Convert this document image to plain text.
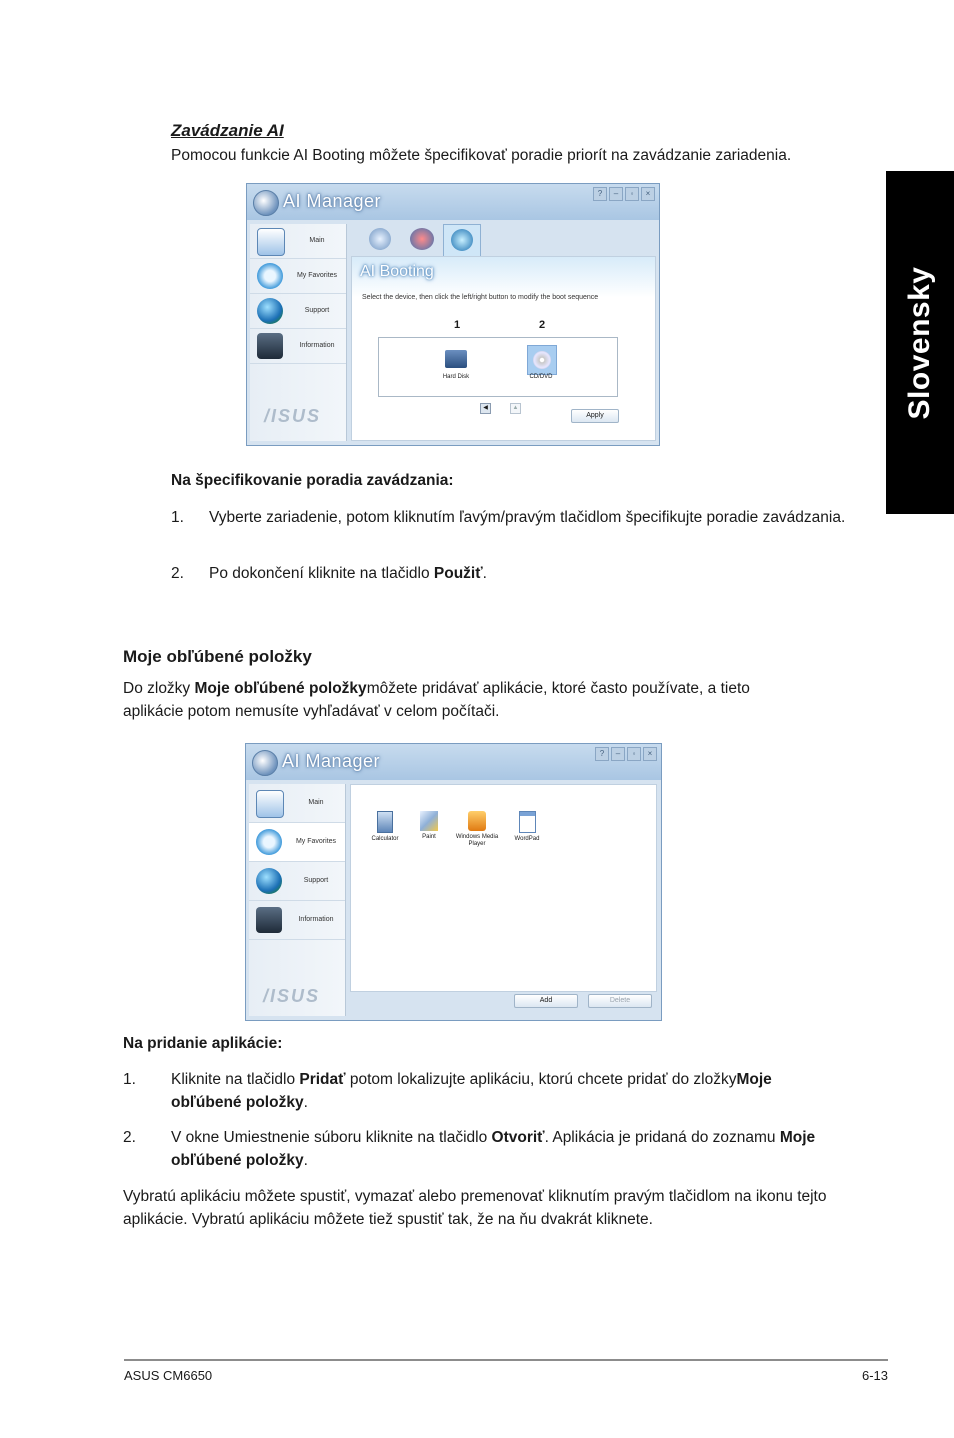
Slovensky
Zavádzanie AI
Pomocou funkcie AI Booting môžete špecifikovať poradie priorít na zavádzanie zariadenia.
AI Manager	?	–	◦	×
Main
My Favorites
Support
Information
/ISUS
AI Booting
Select the device, then click the left/right button to modify the boot sequence
1	2
Hard Disk	CD/DVD
◀	▲
Apply
Na špecifikovanie poradia zavádzania:
1. Vyberte zariadenie, potom kliknutím ľavým/pravým tlačidlom špecifikujte poradie zavádzania.
2. Po dokončení kliknite na tlačidlo Použiť.
Moje obľúbené položky
Do zložky Moje obľúbené položkymôžete pridávať aplikácie, ktoré často používate, a tieto aplikácie potom nemusíte vyhľadávať v celom počítači.
AI Manager	?	–	◦	×
Main
My Favorites
Support
Information
/ISUS
Calculator	Paint	Windows Media Player
WordPad
Add	Delete
Na pridanie aplikácie:
1. Kliknite na tlačidlo Pridať potom lokalizujte aplikáciu, ktorú chcete pridať do zložkyMoje obľúbené položky.
2. V okne Umiestnenie súboru kliknite na tlačidlo Otvoriť. Aplikácia je pridaná do zoznamu Moje obľúbené položky.
Vybratú aplikáciu môžete spustiť, vymazať alebo premenovať kliknutím pravým tlačidlom na ikonu tejto aplikácie. Vybratú aplikáciu môžete tiež spustiť tak, že na ňu dvakrát kliknete.
ASUS CM6650	6-13
